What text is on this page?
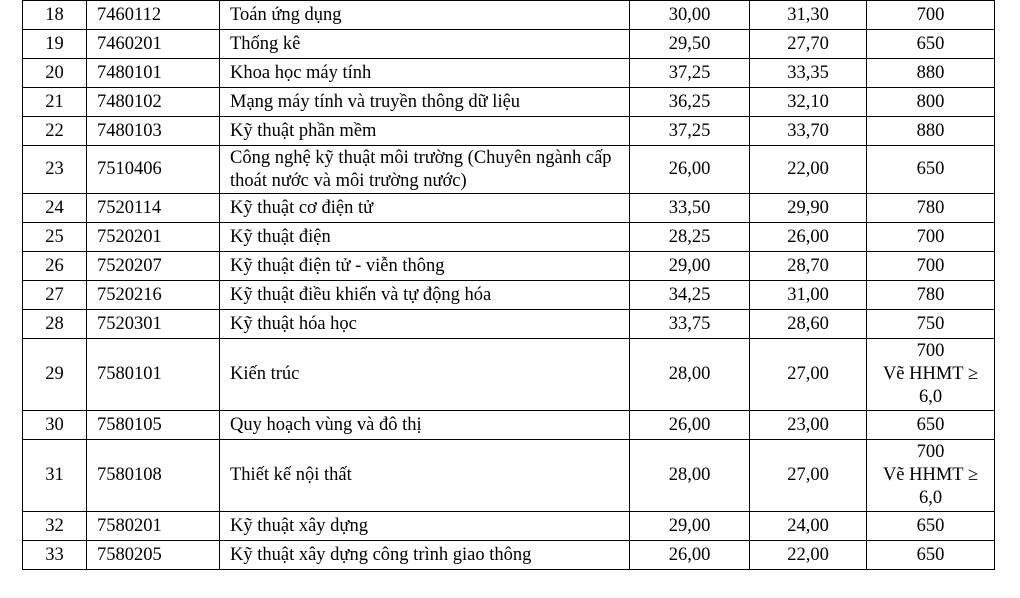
18	7460112	Toán ứng dụng	30,00	31,30	700

19	7460201	Thống kê	29,50	27,70	650

20	7480101	Khoa học máy tính	37,25	33,35	880

21	7480102	Mạng máy tính và truyền thông dữ liệu	36,25	32,10	800

22	7480103	Kỹ thuật phần mềm	37,25	33,70	880

23	7510406	Công nghệ kỹ thuật môi trường (Chuyên ngành cấp thoát nước và môi trường nước)	26,00	22,00	650

24	7520114	Kỹ thuật cơ điện tử	33,50	29,90	780

25	7520201	Kỹ thuật điện	28,25	26,00	700

26	7520207	Kỹ thuật điện tử - viễn thông	29,00	28,70	700

27	7520216	Kỹ thuật điều khiển và tự động hóa	34,25	31,00	780

28	7520301	Kỹ thuật hóa học	33,75	28,60	750

29	7580101	Kiến trúc	28,00	27,00	700
Vẽ HHMT ≥
6,0

30	7580105	Quy hoạch vùng và đô thị	26,00	23,00	650

31	7580108	Thiết kế nội thất	28,00	27,00	700
Vẽ HHMT ≥
6,0

32	7580201	Kỹ thuật xây dựng	29,00	24,00	650

33	7580205	Kỹ thuật xây dựng công trình giao thông	26,00	22,00	650
